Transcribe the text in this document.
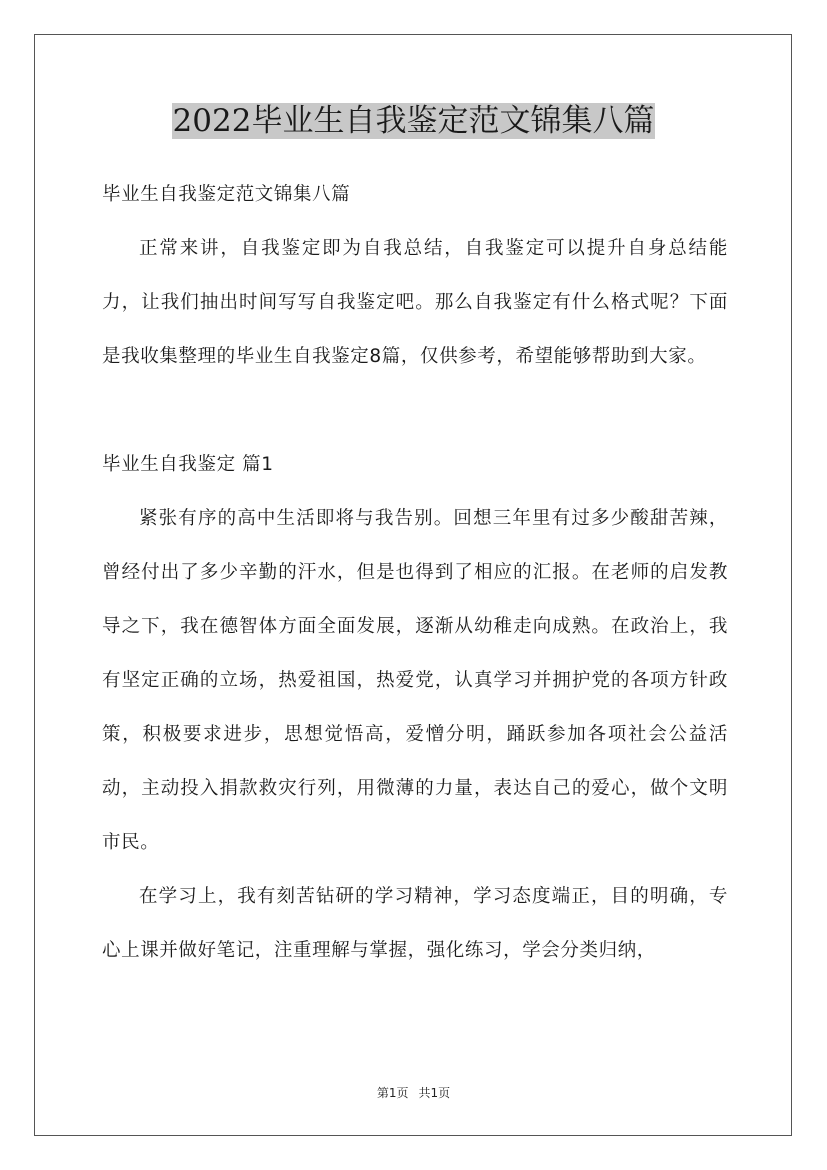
2022毕业生自我鉴定范文锦集八篇

毕业生自我鉴定范文锦集八篇

正常来讲，自我鉴定即为自我总结，自我鉴定可以提升自身总结能力，让我们抽出时间写写自我鉴定吧。那么自我鉴定有什么格式呢？下面是我收集整理的毕业生自我鉴定8篇，仅供参考，希望能够帮助到大家。

毕业生自我鉴定 篇1

紧张有序的高中生活即将与我告别。回想三年里有过多少酸甜苦辣，曾经付出了多少辛勤的汗水，但是也得到了相应的汇报。在老师的启发教导之下，我在德智体方面全面发展，逐渐从幼稚走向成熟。在政治上，我有坚定正确的立场，热爱祖国，热爱党，认真学习并拥护党的各项方针政策，积极要求进步，思想觉悟高，爱憎分明，踊跃参加各项社会公益活动，主动投入捐款救灾行列，用微薄的力量，表达自己的爱心，做个文明市民。

在学习上，我有刻苦钻研的学习精神，学习态度端正，目的明确，专心上课并做好笔记，注重理解与掌握，强化练习，学会分类归纳，

第1页 共1页
